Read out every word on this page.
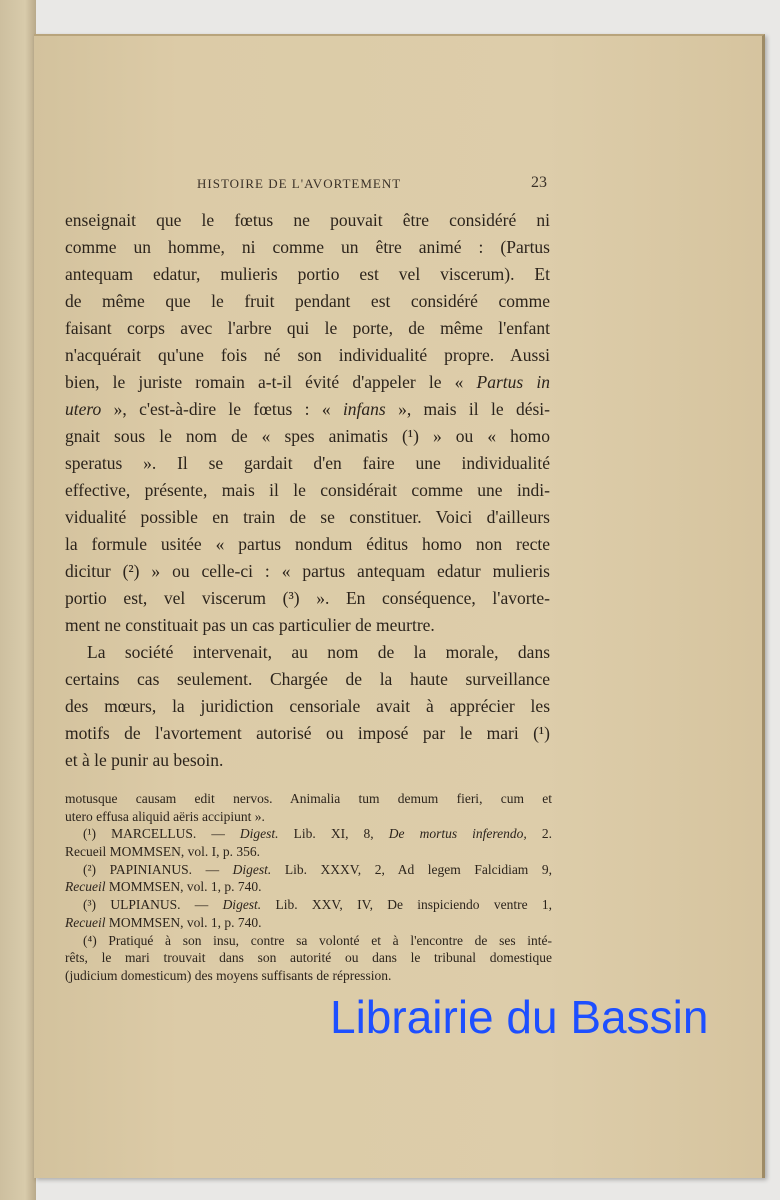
HISTOIRE DE L'AVORTEMENT	23
enseignait que le fœtus ne pouvait être considéré ni
comme un homme, ni comme un être animé : (Partus
antequam edatur, mulieris portio est vel viscerum). Et
de même que le fruit pendant est considéré comme
faisant corps avec l'arbre qui le porte, de même l'enfant
n'acquérait qu'une fois né son individualité propre. Aussi
bien, le juriste romain a-t-il évité d'appeler le « Partus in
utero », c'est-à-dire le fœtus : « infans », mais il le dési-
gnait sous le nom de « spes animatis (¹) » ou « homo
speratus ». Il se gardait d'en faire une individualité
effective, présente, mais il le considérait comme une indi-
vidualité possible en train de se constituer. Voici d'ailleurs
la formule usitée « partus nondum éditus homo non recte
dicitur (²) » ou celle-ci : « partus antequam edatur mulieris
portio est, vel viscerum (³) ». En conséquence, l'avorte-
ment ne constituait pas un cas particulier de meurtre.
La société intervenait, au nom de la morale, dans
certains cas seulement. Chargée de la haute surveillance
des mœurs, la juridiction censoriale avait à apprécier les
motifs de l'avortement autorisé ou imposé par le mari (¹)
et à le punir au besoin.
motusque causam edit nervos. Animalia tum demum fieri, cum et
utero effusa aliquid aëris accipiunt ».
(¹) MARCELLUS. — Digest. Lib. XI, 8, De mortus inferendo, 2.
Recueil MOMMSEN, vol. I, p. 356.
(²) PAPINIANUS. — Digest. Lib. XXXV, 2, Ad legem Falcidiam 9,
Recueil MOMMSEN, vol. 1, p. 740.
(³) ULPIANUS. — Digest. Lib. XXV, IV, De inspiciendo ventre 1,
Recueil MOMMSEN, vol. 1, p. 740.
(⁴) Pratiqué à son insu, contre sa volonté et à l'encontre de ses inté-
rêts, le mari trouvait dans son autorité ou dans le tribunal domestique
(judicium domesticum) des moyens suffisants de répression.
Librairie du Bassin
